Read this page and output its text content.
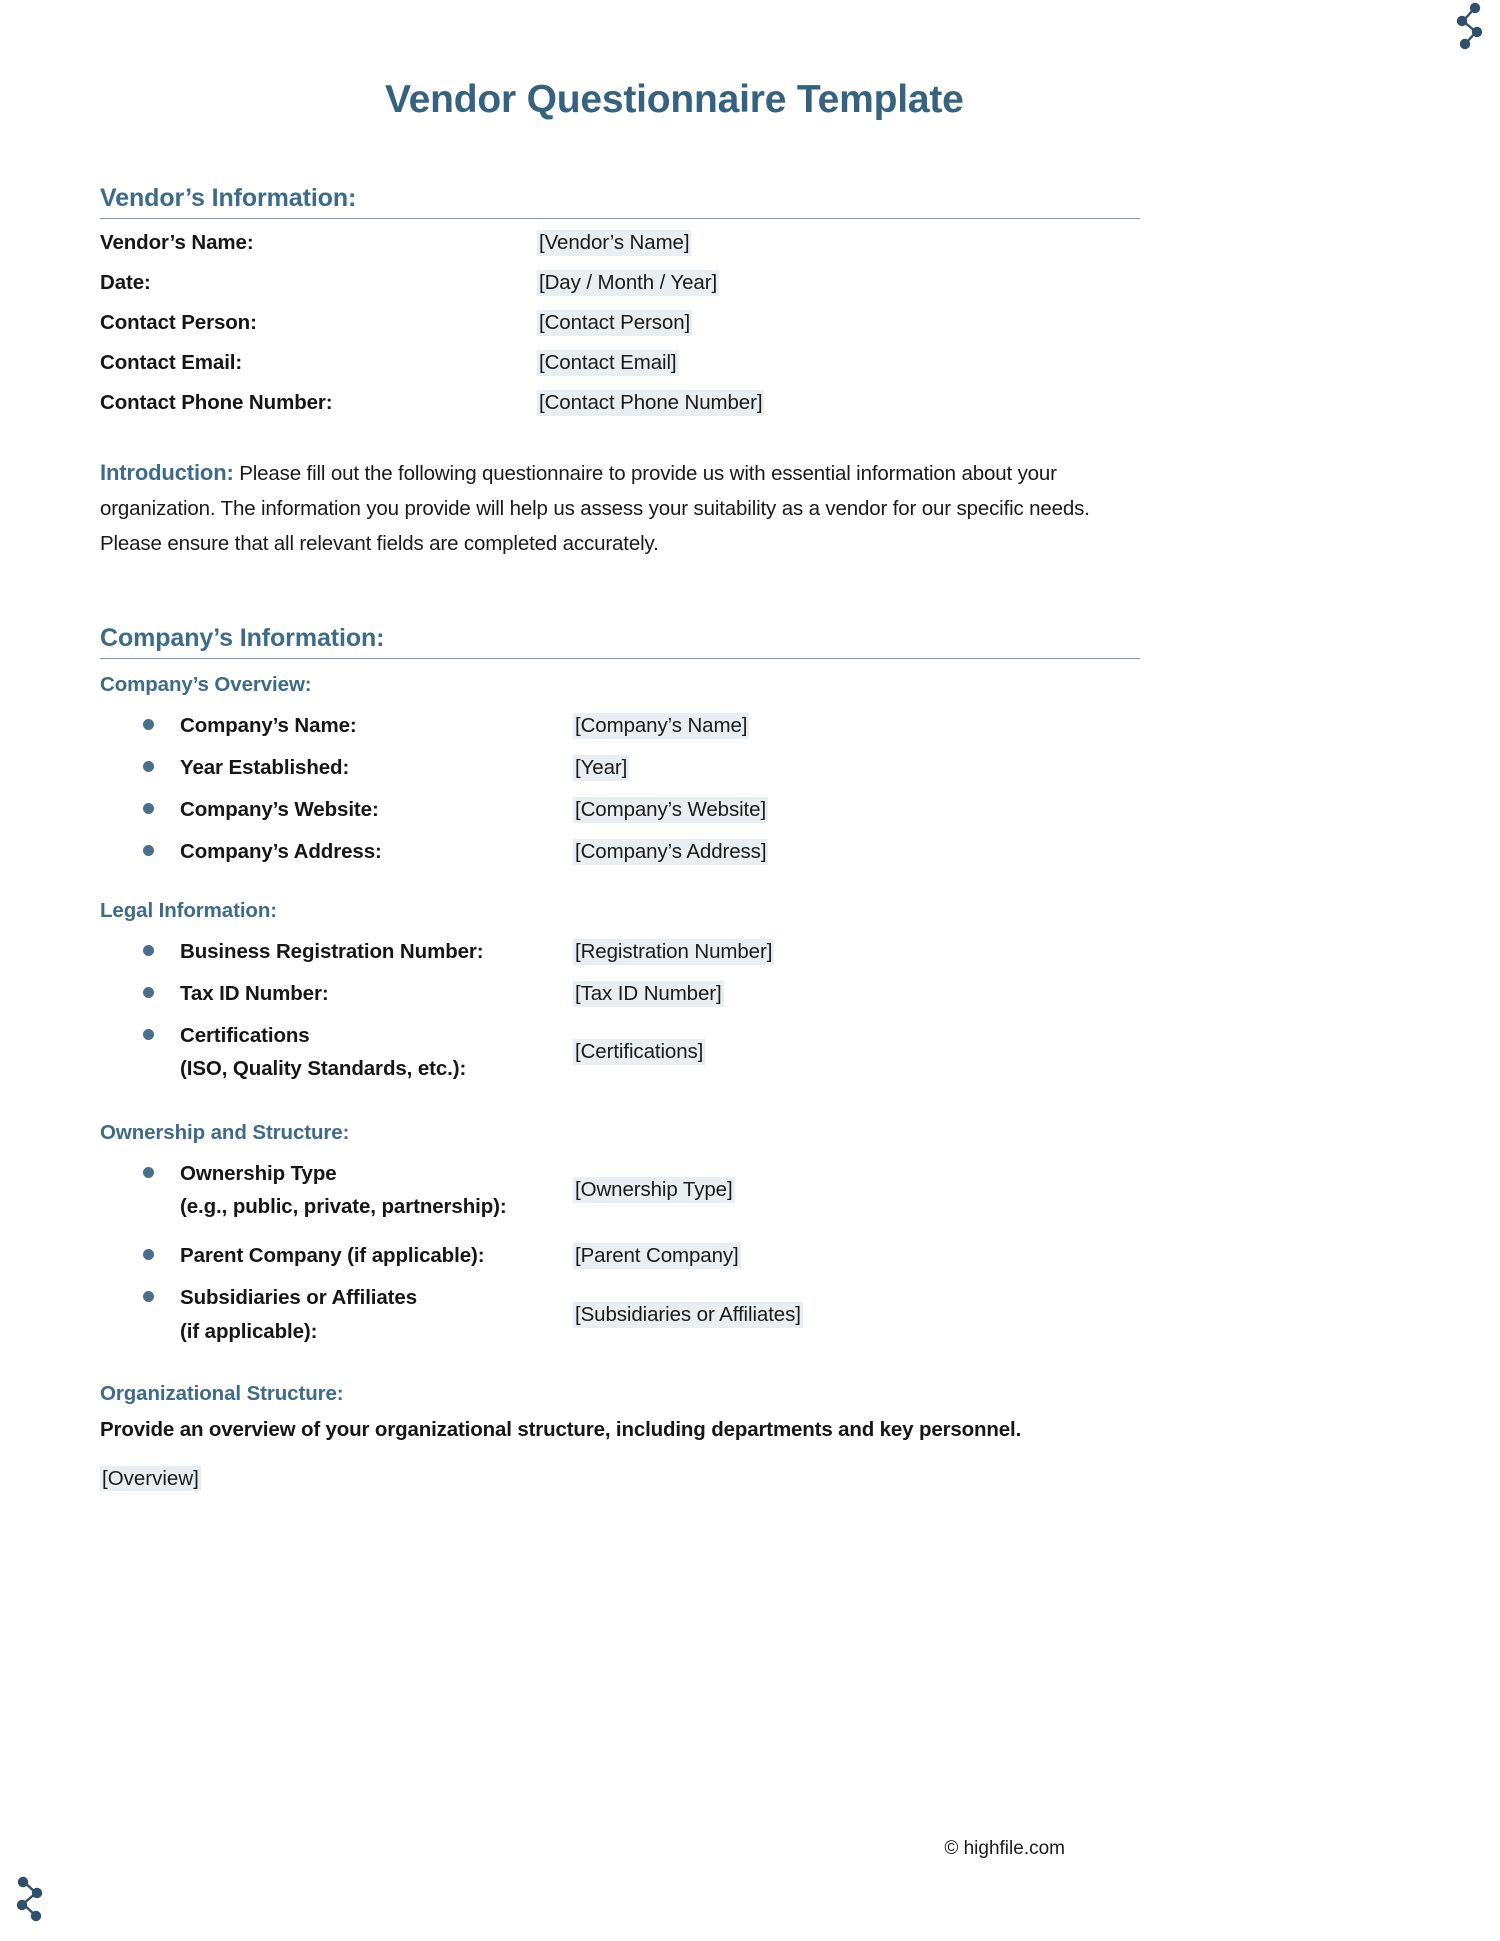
Vendor Questionnaire Template
Vendor’s Information:
Vendor’s Name:	[Vendor’s Name]
Date:	[Day / Month / Year]
Contact Person:	[Contact Person]
Contact Email:	[Contact Email]
Contact Phone Number:	[Contact Phone Number]
Introduction: Please fill out the following questionnaire to provide us with essential information about your organization. The information you provide will help us assess your suitability as a vendor for our specific needs. Please ensure that all relevant fields are completed accurately.
Company’s Information:
Company’s Overview:
Company’s Name:	[Company’s Name]
Year Established:	[Year]
Company’s Website:	[Company’s Website]
Company’s Address:	[Company’s Address]
Legal Information:
Business Registration Number:	[Registration Number]
Tax ID Number:	[Tax ID Number]
Certifications
(ISO, Quality Standards, etc.):
[Certifications]
Ownership and Structure:
Ownership Type
(e.g., public, private, partnership):
[Ownership Type]
Parent Company (if applicable):	[Parent Company]
Subsidiaries or Affiliates
(if applicable):
[Subsidiaries or Affiliates]
Organizational Structure:
Provide an overview of your organizational structure, including departments and key personnel.
[Overview]
© highfile.com
